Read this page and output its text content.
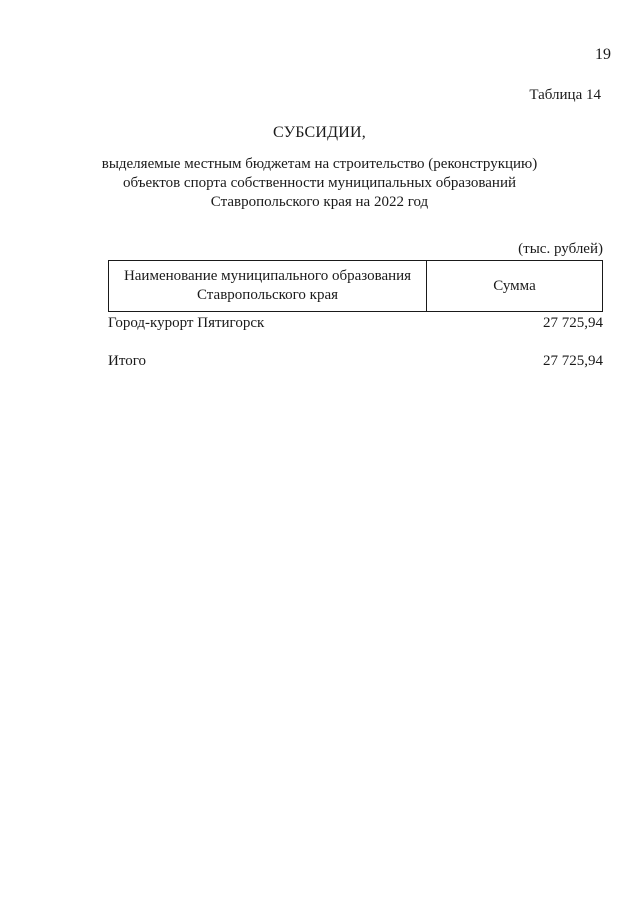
19
Таблица 14
СУБСИДИИ,
выделяемые местным бюджетам на строительство (реконструкцию)
объектов спорта собственности муниципальных образований
Ставропольского края на 2022 год
(тыс. рублей)
Наименование муниципального образования
Ставропольского края
Сумма
Город-курорт Пятигорск	27 725,94
Итого	27 725,94
